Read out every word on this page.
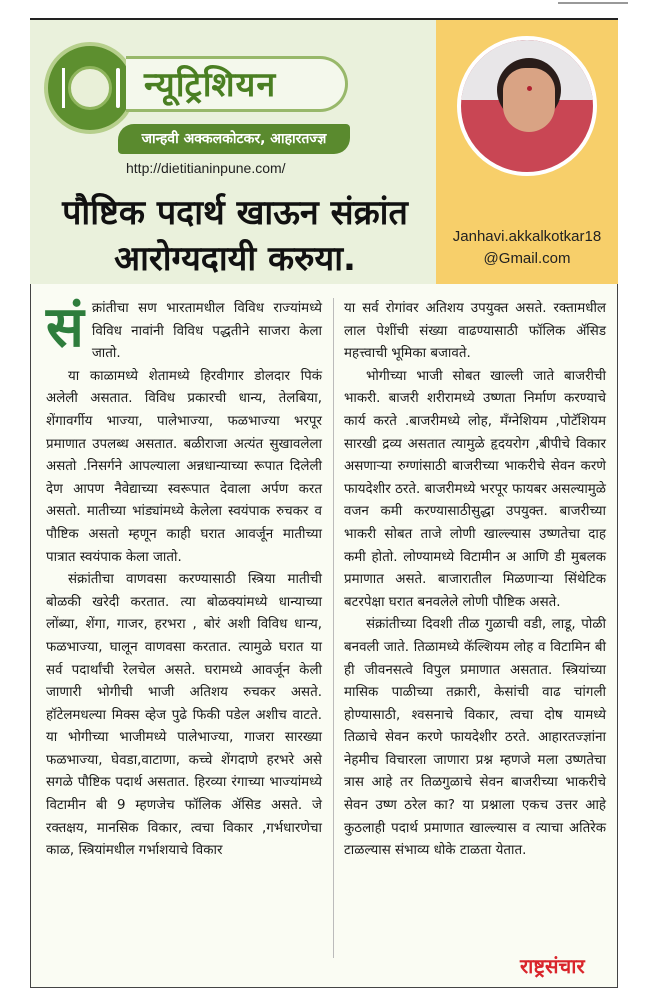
न्यूट्रिशियन
जान्हवी अक्कलकोटकर, आहारतज्ज्ञ
http://dietitianinpune.com/
पौष्टिक पदार्थ खाऊन संक्रांत आरोग्यदायी करुया.
Janhavi.akkalkotkar18
@Gmail.com

संक्रांतीचा सण भारतामधील विविध राज्यांमध्ये विविध नावांनी विविध पद्धतीने साजरा केला जातो.

या काळामध्ये शेतामध्ये हिरवीगार डोलदार पिकं अलेली असतात. विविध प्रकारची धान्य, तेलबिया, शेंगावर्गीय भाज्या, पालेभाज्या, फळभाज्या भरपूर प्रमाणात उपलब्ध असतात. बळीराजा अत्यंत सुखावलेला असतो .निसर्गने आपल्याला अन्नधान्याच्या रूपात दिलेली देण आपण नैवेद्याच्या स्वरूपात देवाला अर्पण करत असतो. मातीच्या भांड्यांमध्ये केलेला स्वयंपाक रुचकर व पौष्टिक असतो म्हणून काही घरात आवर्जून मातीच्या पात्रात स्वयंपाक केला जातो.

संक्रांतीचा वाणवसा करण्यासाठी स्त्रिया मातीची बोळकी खरेदी करतात. त्या बोळक्यांमध्ये धान्याच्या लोंब्या, शेंगा, गाजर, हरभरा , बोरं अशी विविध धान्य, फळभाज्या, घालून वाणवसा करतात. त्यामुळे घरात या सर्व पदार्थांची रेलचेल असते. घरामध्ये आवर्जून केली जाणारी भोगीची भाजी अतिशय रुचकर असते. हॉटेलमधल्या मिक्स व्हेज पुढे फिकी पडेल अशीच वाटते. या भोगीच्या भाजीमध्ये पालेभाज्या, गाजरा सारख्या फळभाज्या, घेवडा,वाटाणा, कच्चे शेंगदाणे हरभरे असे सगळे पौष्टिक पदार्थ असतात. हिरव्या रंगाच्या भाज्यांमध्ये विटामीन बी 9 म्हणजेच फॉलिक ॲसिड असते. जे रक्तक्षय, मानसिक विकार, त्वचा विकार ,गर्भधारणेचा काळ, स्त्रियांमधील गर्भाशयाचे विकार

या सर्व रोगांवर अतिशय उपयुक्त असते. रक्तामधील लाल पेशींची संख्या वाढण्यासाठी फॉलिक ॲसिड महत्त्वाची भूमिका बजावते.

भोगीच्या भाजी सोबत खाल्ली जाते बाजरीची भाकरी. बाजरी शरीरामध्ये उष्णता निर्माण करण्याचे कार्य करते .बाजरीमध्ये लोह, मॅंग्नेशियम ,पोटॅशियम सारखी द्रव्य असतात त्यामुळे हृदयरोग ,बीपीचे विकार असणाऱ्या रुग्णांसाठी बाजरीच्या भाकरीचे सेवन करणे फायदेशीर ठरते. बाजरीमध्ये भरपूर फायबर असल्यामुळे वजन कमी करण्यासाठीसुद्धा उपयुक्त. बाजरीच्या भाकरी सोबत ताजे लोणी खाल्ल्यास उष्णतेचा दाह कमी होतो. लोण्यामध्ये विटामीन अ आणि डी मुबलक प्रमाणात असते. बाजारातील मिळणाऱ्या सिंथेटिक बटरपेक्षा घरात बनवलेले लोणी पौष्टिक असते.

संक्रांतीच्या दिवशी तीळ गुळाची वडी, लाडू, पोळी बनवली जाते. तिळामध्ये कॅल्शियम लोह व विटामिन बी ही जीवनसत्वे विपुल प्रमाणात असतात. स्त्रियांच्या मासिक पाळीच्या तक्रारी, केसांची वाढ चांगली होण्यासाठी, श्वसनाचे विकार, त्वचा दोष यामध्ये तिळाचे सेवन करणे फायदेशीर ठरते. आहारतज्ज्ञांना नेहमीच विचारला जाणारा प्रश्न म्हणजे मला उष्णतेचा त्रास आहे तर तिळगुळाचे सेवन बाजरीच्या भाकरीचे सेवन उष्ण ठरेल का? या प्रश्नाला एकच उत्तर आहे कुठलाही पदार्थ प्रमाणात खाल्ल्यास व त्याचा अतिरेक टाळल्यास संभाव्य धोके टाळता येतात.

राष्ट्रसंचार
